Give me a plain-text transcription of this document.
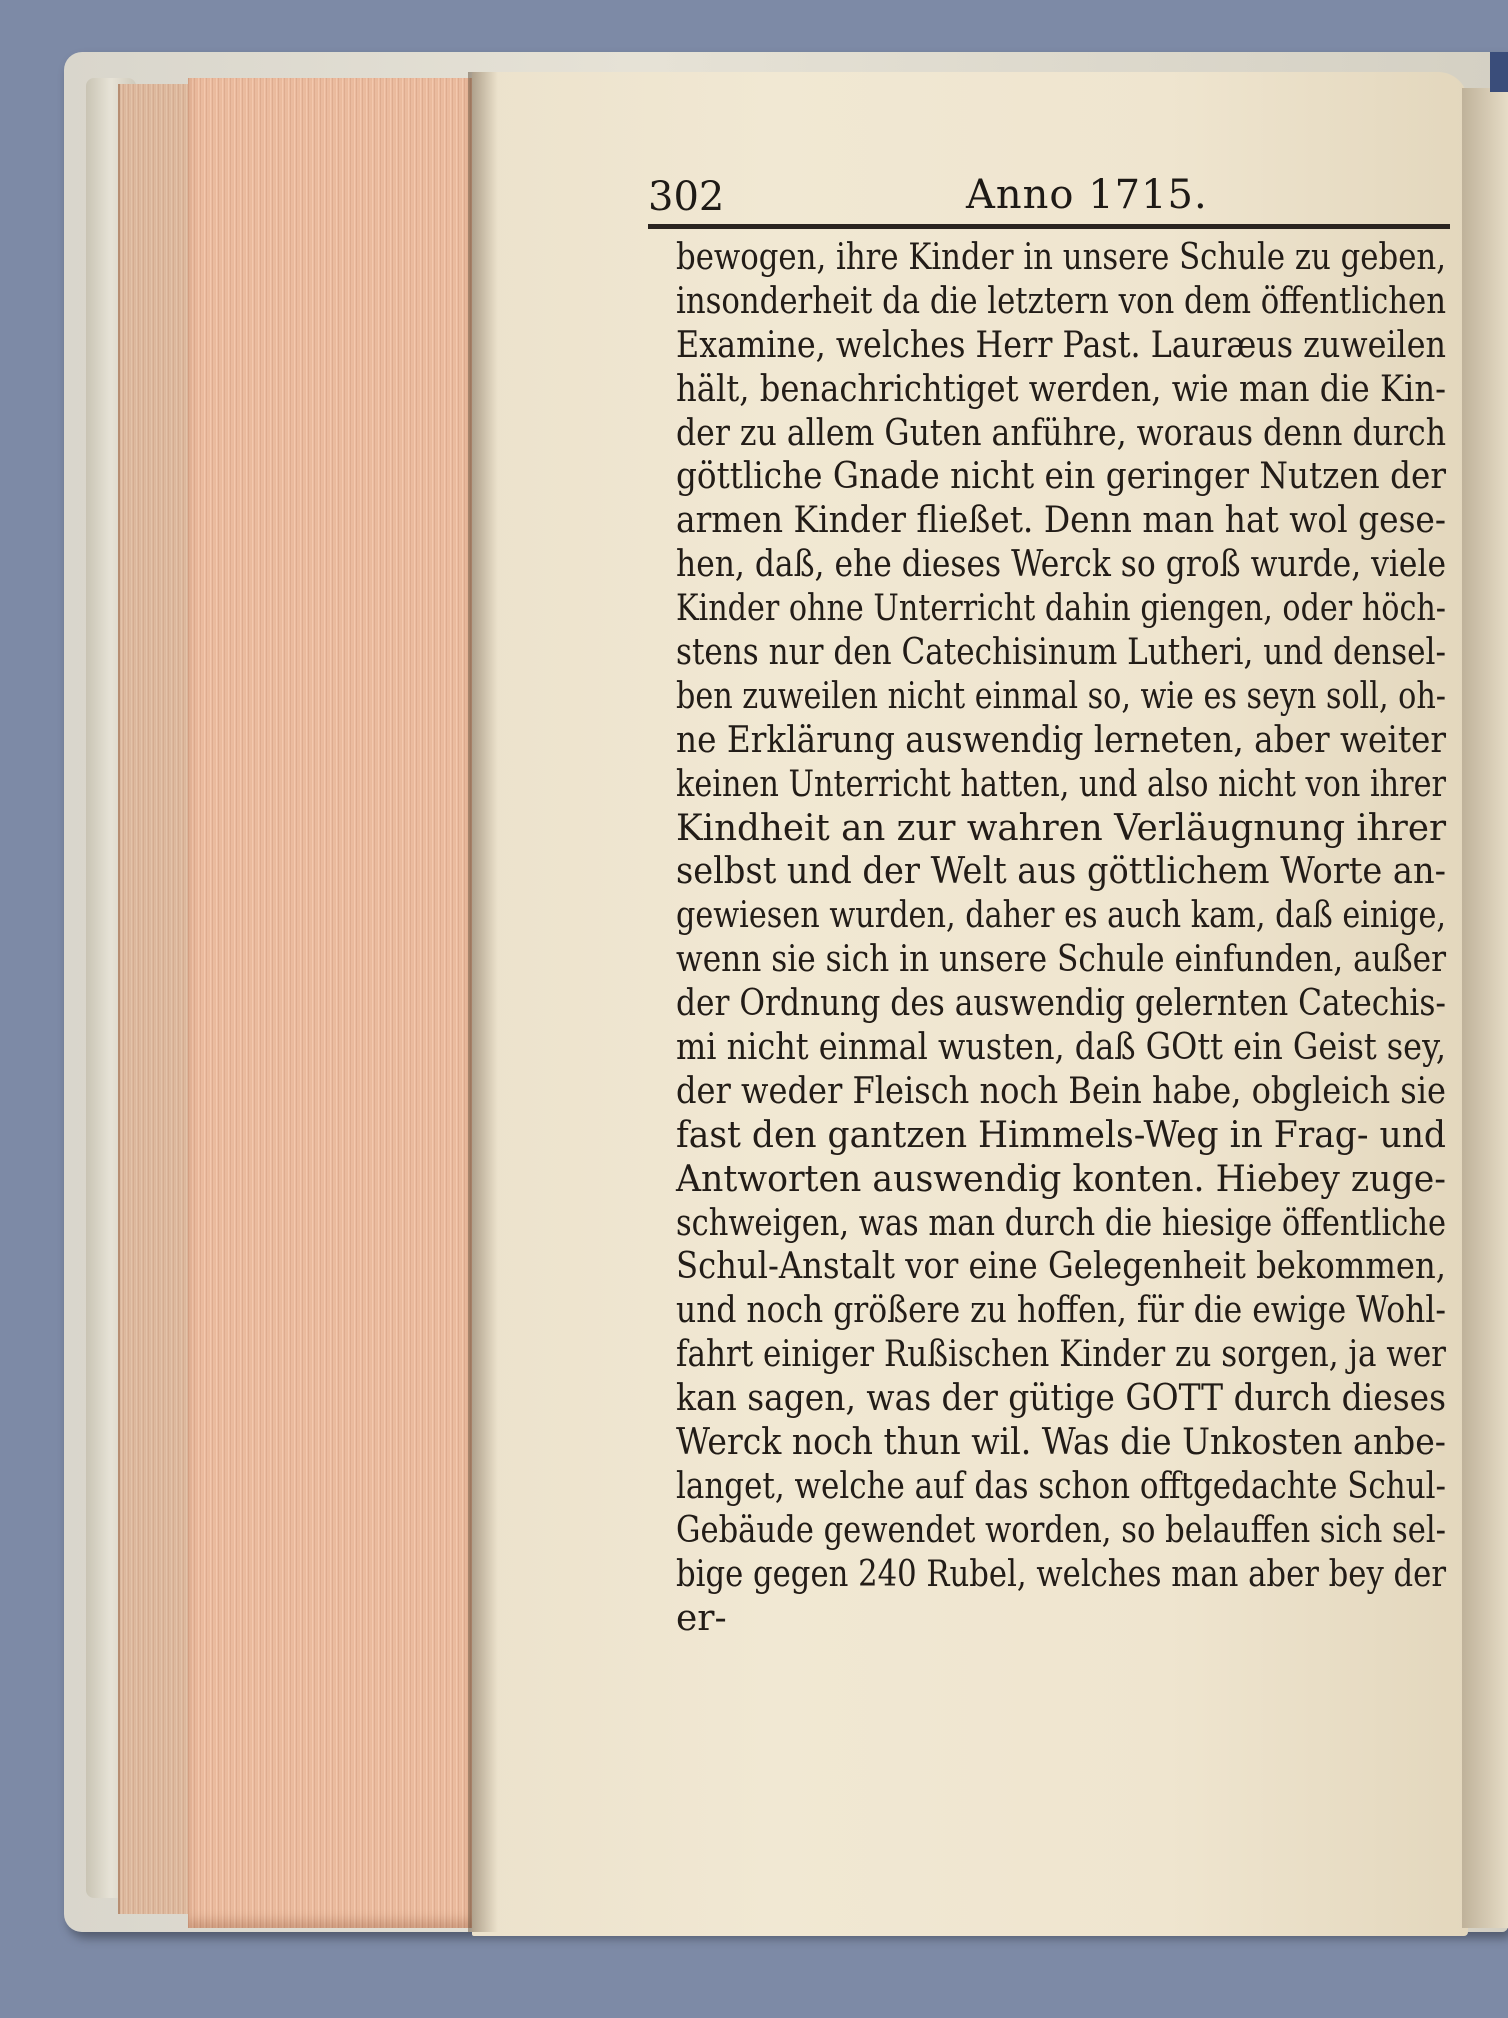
302	Anno 1715.
bewogen, ihre Kinder in unsere Schule zu geben,
insonderheit da die letztern von dem öffentlichen
Examine, welches Herr Past. Lauræus zuweilen
hält, benachrichtiget werden, wie man die Kin-
der zu allem Guten anführe, woraus denn durch
göttliche Gnade nicht ein geringer Nutzen der
armen Kinder fließet. Denn man hat wol gese-
hen, daß, ehe dieses Werck so groß wurde, viele
Kinder ohne Unterricht dahin giengen, oder höch-
stens nur den Catechisinum Lutheri, und densel-
ben zuweilen nicht einmal so, wie es seyn soll, oh-
ne Erklärung auswendig lerneten, aber weiter
keinen Unterricht hatten, und also nicht von ihrer
Kindheit an zur wahren Verläugnung ihrer
selbst und der Welt aus göttlichem Worte an-
gewiesen wurden, daher es auch kam, daß einige,
wenn sie sich in unsere Schule einfunden, außer
der Ordnung des auswendig gelernten Catechis-
mi nicht einmal wusten, daß GOtt ein Geist sey,
der weder Fleisch noch Bein habe, obgleich sie
fast den gantzen Himmels-Weg in Frag- und
Antworten auswendig konten. Hiebey zuge-
schweigen, was man durch die hiesige öffentliche
Schul-Anstalt vor eine Gelegenheit bekommen,
und noch größere zu hoffen, für die ewige Wohl-
fahrt einiger Rußischen Kinder zu sorgen, ja wer
kan sagen, was der gütige GOTT durch dieses
Werck noch thun wil. Was die Unkosten anbe-
langet, welche auf das schon offtgedachte Schul-
Gebäude gewendet worden, so belauffen sich sel-
bige gegen 240 Rubel, welches man aber bey der
er-
